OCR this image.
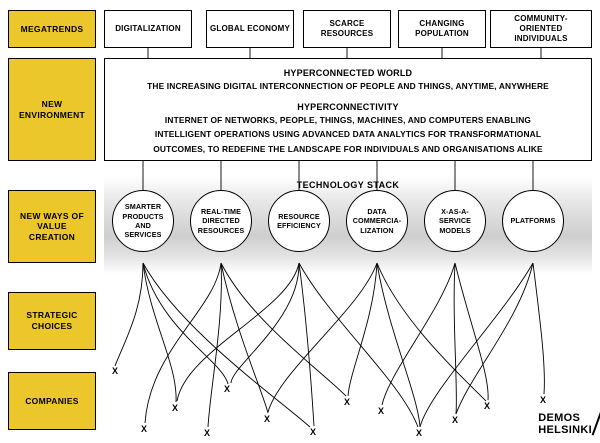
MEGATRENDS
NEW ENVIRONMENT
NEW WAYS OF VALUE CREATION
STRATEGIC CHOICES
COMPANIES
DIGITALIZATION	GLOBAL ECONOMY
SCARCE RESOURCES
CHANGING POPULATION
COMMUNITY-ORIENTED INDIVIDUALS
HYPERCONNECTED WORLD
THE INCREASING DIGITAL INTERCONNECTION OF PEOPLE AND THINGS, ANYTIME, ANYWHERE
HYPERCONNECTIVITY
INTERNET OF NETWORKS, PEOPLE, THINGS, MACHINES, AND COMPUTERS ENABLING
INTELLIGENT OPERATIONS USING ADVANCED DATA ANALYTICS FOR TRANSFORMATIONAL
OUTCOMES, TO REDEFINE THE LANDSCAPE FOR INDIVIDUALS AND ORGANISATIONS ALIKE
TECHNOLOGY STACK
SMARTER PRODUCTS AND SERVICES
REAL-TIME DIRECTED RESOURCES
RESOURCE EFFICIENCY
DATA COMMERCIA-LIZATION
X-AS-A-SERVICE MODELS
PLATFORMS
X
X
X
X	X
X
X
X
X
X
X
X
X
DEMOS
HELSINKI
